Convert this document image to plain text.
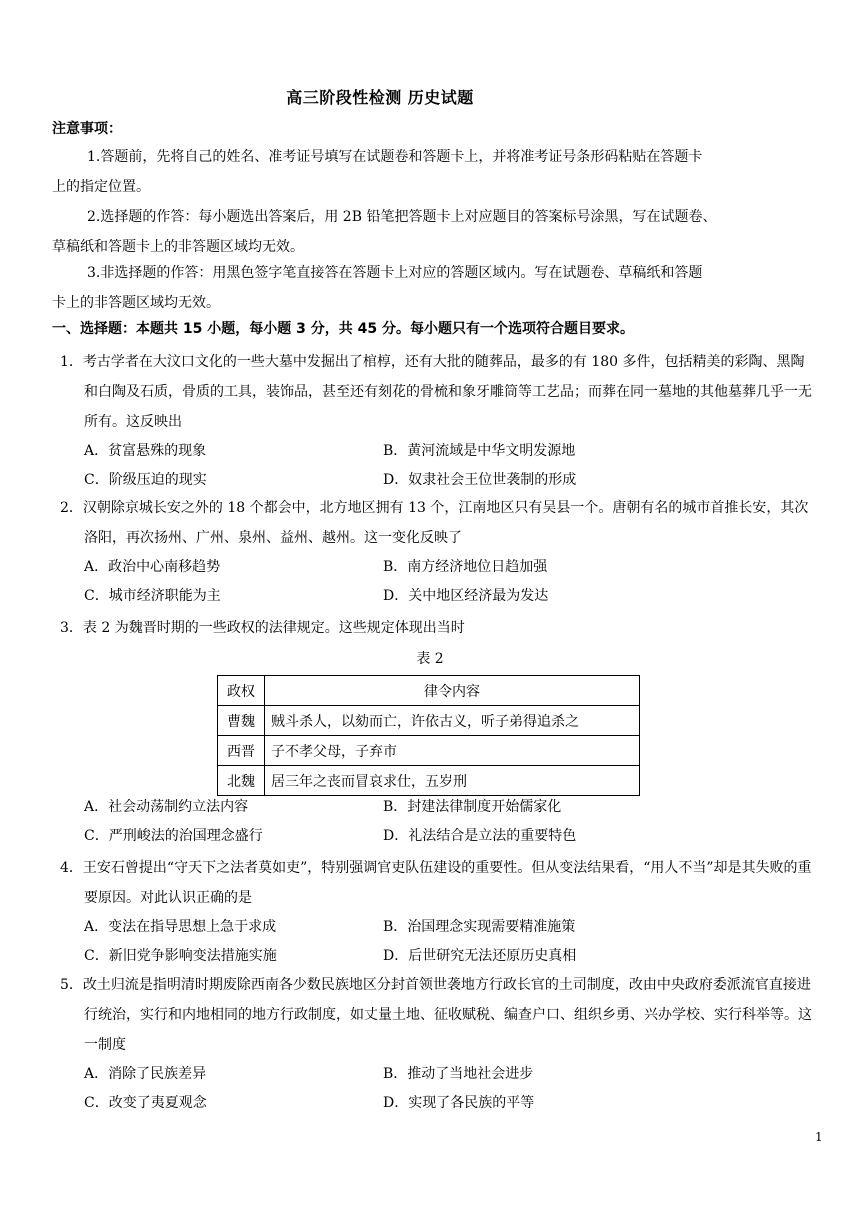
高三阶段性检测 历史试题
注意事项：
1.答题前，先将自己的姓名、准考证号填写在试题卷和答题卡上，并将准考证号条形码粘贴在答题卡
上的指定位置。
2.选择题的作答：每小题选出答案后，用 2B 铅笔把答题卡上对应题目的答案标号涂黑，写在试题卷、
草稿纸和答题卡上的非答题区域均无效。
3.非选择题的作答：用黑色签字笔直接答在答题卡上对应的答题区域内。写在试题卷、草稿纸和答题
卡上的非答题区域均无效。
一、选择题：本题共 15 小题，每小题 3 分，共 45 分。每小题只有一个选项符合题目要求。
1．考古学者在大汶口文化的一些大墓中发掘出了棺椁，还有大批的随葬品，最多的有 180 多件，包括精美的彩陶、黑陶和白陶及石质，骨质的工具，装饰品，甚至还有刻花的骨梳和象牙雕筒等工艺品；而葬在同一墓地的其他墓葬几乎一无所有。这反映出
A．贫富悬殊的现象	B．黄河流域是中华文明发源地
C．阶级压迫的现实	D．奴隶社会王位世袭制的形成
2．汉朝除京城长安之外的 18 个都会中，北方地区拥有 13 个，江南地区只有吴县一个。唐朝有名的城市首推长安，其次洛阳，再次扬州、广州、泉州、益州、越州。这一变化反映了
A．政治中心南移趋势	B．南方经济地位日趋加强
C．城市经济职能为主	D．关中地区经济最为发达
3．表 2 为魏晋时期的一些政权的法律规定。这些规定体现出当时
表 2
政权	律令内容
曹魏	贼斗杀人，以劾而亡，许依古义，听子弟得追杀之
西晋	子不孝父母，子弃市
北魏	居三年之丧而冒哀求仕，五岁刑
A．社会动荡制约立法内容	B．封建法律制度开始儒家化
C．严刑峻法的治国理念盛行	D．礼法结合是立法的重要特色
4．王安石曾提出“守天下之法者莫如吏”，特别强调官吏队伍建设的重要性。但从变法结果看，“用人不当”却是其失败的重要原因。对此认识正确的是
A．变法在指导思想上急于求成	B．治国理念实现需要精准施策
C．新旧党争影响变法措施实施	D．后世研究无法还原历史真相
5．改土归流是指明清时期废除西南各少数民族地区分封首领世袭地方行政长官的土司制度，改由中央政府委派流官直接进行统治，实行和内地相同的地方行政制度，如丈量土地、征收赋税、编查户口、组织乡勇、兴办学校、实行科举等。这一制度
A．消除了民族差异	B．推动了当地社会进步
C．改变了夷夏观念	D．实现了各民族的平等
1
